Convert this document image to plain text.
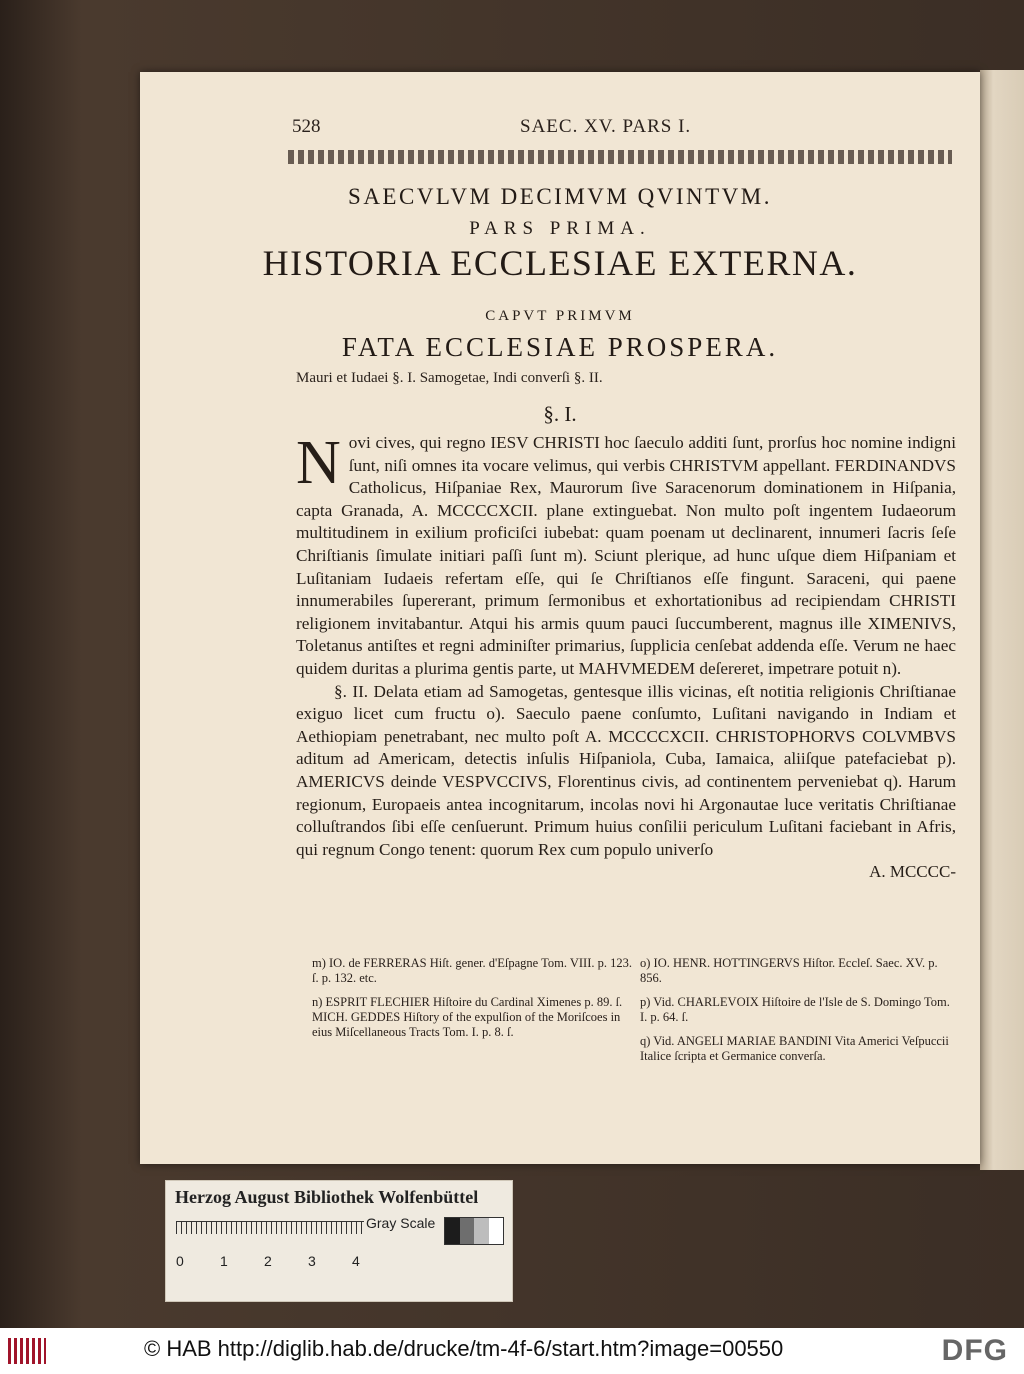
528	SAEC. XV. PARS I.
SAECVLVM DECIMVM QVINTVM.
PARS PRIMA.
HISTORIA ECCLESIAE EXTERNA.
CAPVT PRIMVM
FATA ECCLESIAE PROSPERA.
Mauri et Iudaei §. I. Samogetae, Indi converſi §. II.
§. I.

Novi cives, qui regno IESV CHRISTI hoc ſaeculo additi ſunt, prorſus hoc nomine indigni ſunt, niſi omnes ita vocare velimus, qui verbis CHRISTVM appellant. FERDINANDVS Catholicus, Hiſpaniae Rex, Maurorum ſive Saracenorum dominationem in Hiſpania, capta Granada, A. MCCCCXCII. plane extinguebat. Non multo poſt ingentem Iudaeorum multitudinem in exilium proficiſci iubebat: quam poenam ut declinarent, innumeri ſacris ſeſe Chriſtianis ſimulate initiari paſſi ſunt m). Sciunt plerique, ad hunc uſque diem Hiſpaniam et Luſitaniam Iudaeis refertam eſſe, qui ſe Chriſtianos eſſe fingunt. Saraceni, qui paene innumerabiles ſupererant, primum ſermonibus et exhortationibus ad recipiendam CHRISTI religionem invitabantur. Atqui his armis quum pauci ſuccumberent, magnus ille XIMENIVS, Toletanus antiſtes et regni adminiſter primarius, ſupplicia cenſebat addenda eſſe. Verum ne haec quidem duritas a plurima gentis parte, ut MAHVMEDEM deſereret, impetrare potuit n).

§. II. Delata etiam ad Samogetas, gentesque illis vicinas, eſt notitia religionis Chriſtianae exiguo licet cum fructu o). Saeculo paene conſumto, Luſitani navigando in Indiam et Aethiopiam penetrabant, nec multo poſt A. MCCCCXCII. CHRISTOPHORVS COLVMBVS aditum ad Americam, detectis inſulis Hiſpaniola, Cuba, Iamaica, aliiſque patefaciebat p). AMERICVS deinde VESPVCCIVS, Florentinus civis, ad continentem perveniebat q). Harum regionum, Europaeis antea incognitarum, incolas novi hi Argonautae luce veritatis Chriſtianae colluſtrandos ſibi eſſe cenſuerunt. Primum huius conſilii periculum Luſitani faciebant in Afris, qui regnum Congo tenent: quorum Rex cum populo univerſo

A. MCCCC-

m) IO. de FERRERAS Hiſt. gener. d'Eſpagne Tom. VIII. p. 123. ſ. p. 132. etc.

n) ESPRIT FLECHIER Hiſtoire du Cardinal Ximenes p. 89. ſ. MICH. GEDDES Hiſtory of the expulſion of the Moriſcoes in eius Miſcellaneous Tracts Tom. I. p. 8. ſ.

o) IO. HENR. HOTTINGERVS Hiſtor. Eccleſ. Saec. XV. p. 856.

p) Vid. CHARLEVOIX Hiſtoire de l'Isle de S. Domingo Tom. I. p. 64. ſ.

q) Vid. ANGELI MARIAE BANDINI Vita Americi Veſpuccii Italice ſcripta et Germanice converſa.

Herzog August Bibliothek Wolfenbüttel
Gray Scale
0	1	2	3	4
© HAB http://diglib.hab.de/drucke/tm-4f-6/start.htm?image=00550	DFG
